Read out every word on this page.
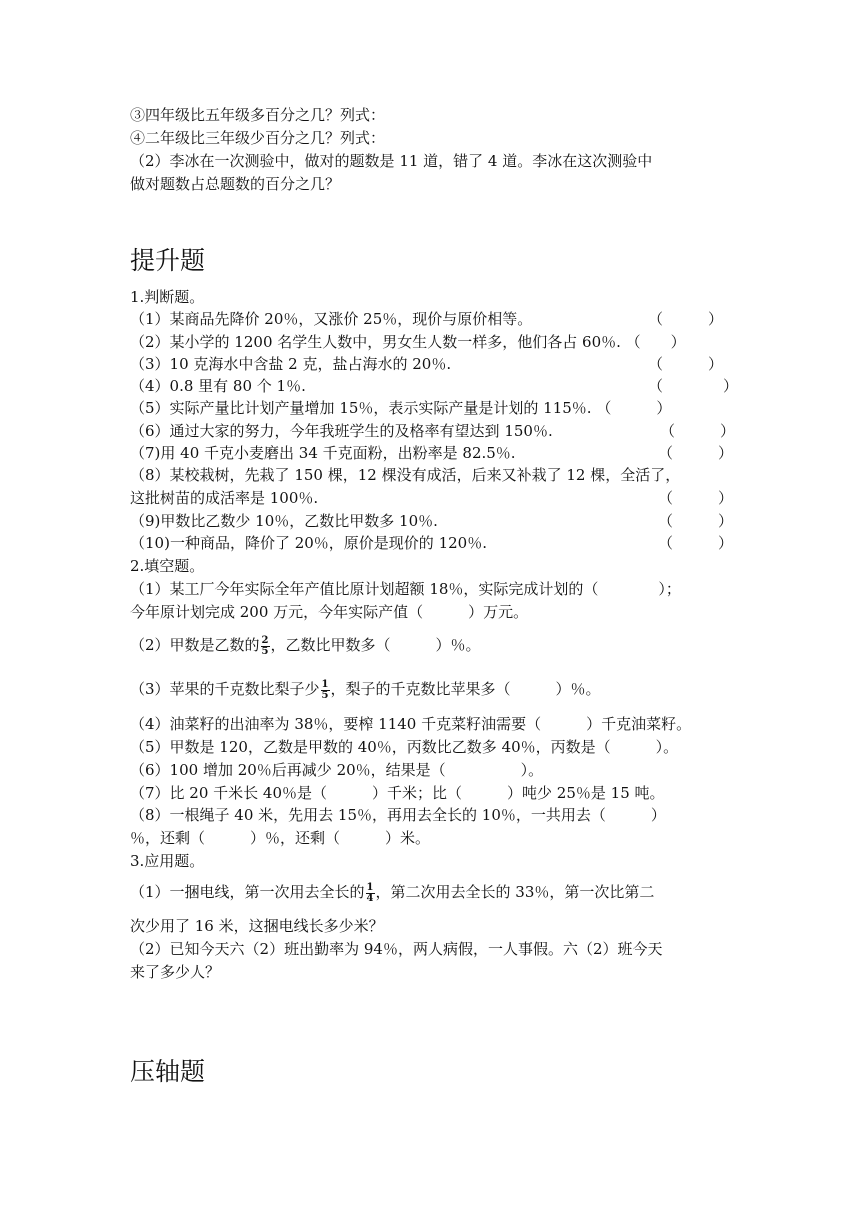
③四年级比五年级多百分之几？列式：
④二年级比三年级少百分之几？列式：
（2）李冰在一次测验中，做对的题数是 11 道，错了 4 道。李冰在这次测验中
做对题数占总题数的百分之几？
提升题
1.判断题。
（1）某商品先降价 20％，又涨价 25％，现价与原价相等。	（　　　）
（2）某小学的 1200 名学生人数中，男女生人数一样多，他们各占 60％. （　　）
（3）10 克海水中含盐 2 克，盐占海水的 20％.	（　　　）
（4）0.8 里有 80 个 1％.	（　　　　）
（5）实际产量比计划产量增加 15％，表示实际产量是计划的 115％. （　　　）
（6）通过大家的努力，今年我班学生的及格率有望达到 150％.	（　　　）
（7)用 40 千克小麦磨出 34 千克面粉，出粉率是 82.5％.	（　　　）
（8）某校栽树，先栽了 150 棵，12 棵没有成活，后来又补栽了 12 棵，全活了，
这批树苗的成活率是 100％.	（　　　）
（9)甲数比乙数少 10％，乙数比甲数多 10％.	（　　　）
（10)一种商品，降价了 20％，原价是现价的 120％.	（　　　）
2.填空题。
（1）某工厂今年实际全年产值比原计划超额 18％，实际完成计划的（　　　　）；
今年原计划完成 200 万元，今年实际产值（　　　）万元。
（2）甲数是乙数的 $\frac{2}{5}$ ，乙数比甲数多（　　　）％。
（3）苹果的千克数比梨子少 $\frac{1}{5}$ ，梨子的千克数比苹果多（　　　）％。
（4）油菜籽的出油率为 38％，要榨 1140 千克菜籽油需要（　　　）千克油菜籽。
（5）甲数是 120，乙数是甲数的 40％，丙数比乙数多 40％，丙数是（　　　）。
（6）100 增加 20％后再减少 20％，结果是（　　　　　）。
（7）比 20 千米长 40％是（　　　）千米；比（　　　）吨少 25％是 15 吨。
（8）一根绳子 40 米，先用去 15％，再用去全长的 10％，一共用去（　　　）
％，还剩（　　　）％，还剩（　　　）米。
3.应用题。
（1）一捆电线，第一次用去全长的 $\frac{1}{4}$ ，第二次用去全长的 33％，第一次比第二
次少用了 16 米，这捆电线长多少米？
（2）已知今天六（2）班出勤率为 94％，两人病假，一人事假。六（2）班今天
来了多少人？
压轴题
